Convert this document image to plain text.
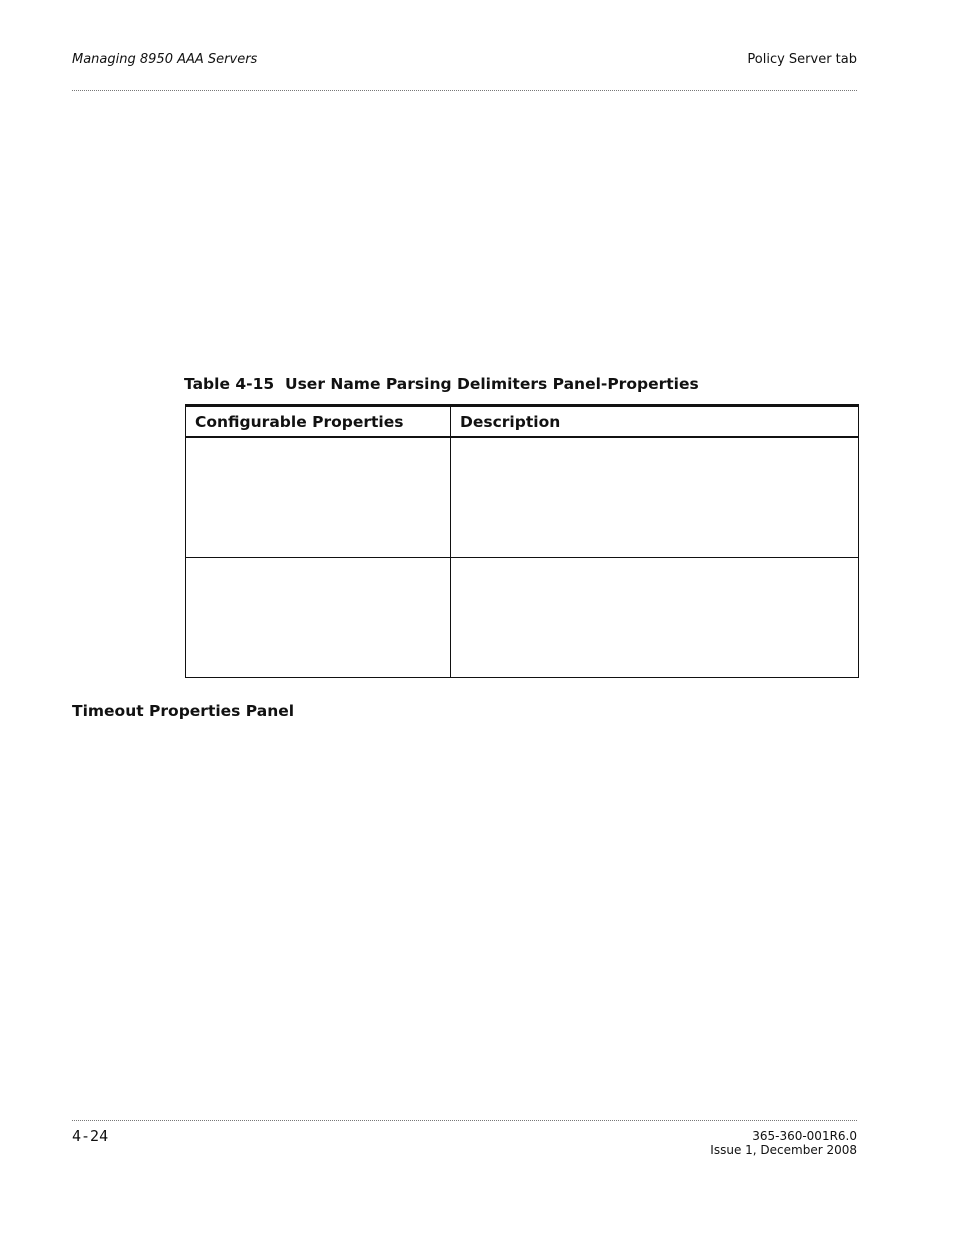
Managing 8950 AAA Servers	Policy Server tab
Table 4-15 User Name Parsing Delimiters Panel-Properties
Configurable Properties	Description

Timeout Properties Panel
4-24	365-360-001R6.0
Issue 1, December 2008
